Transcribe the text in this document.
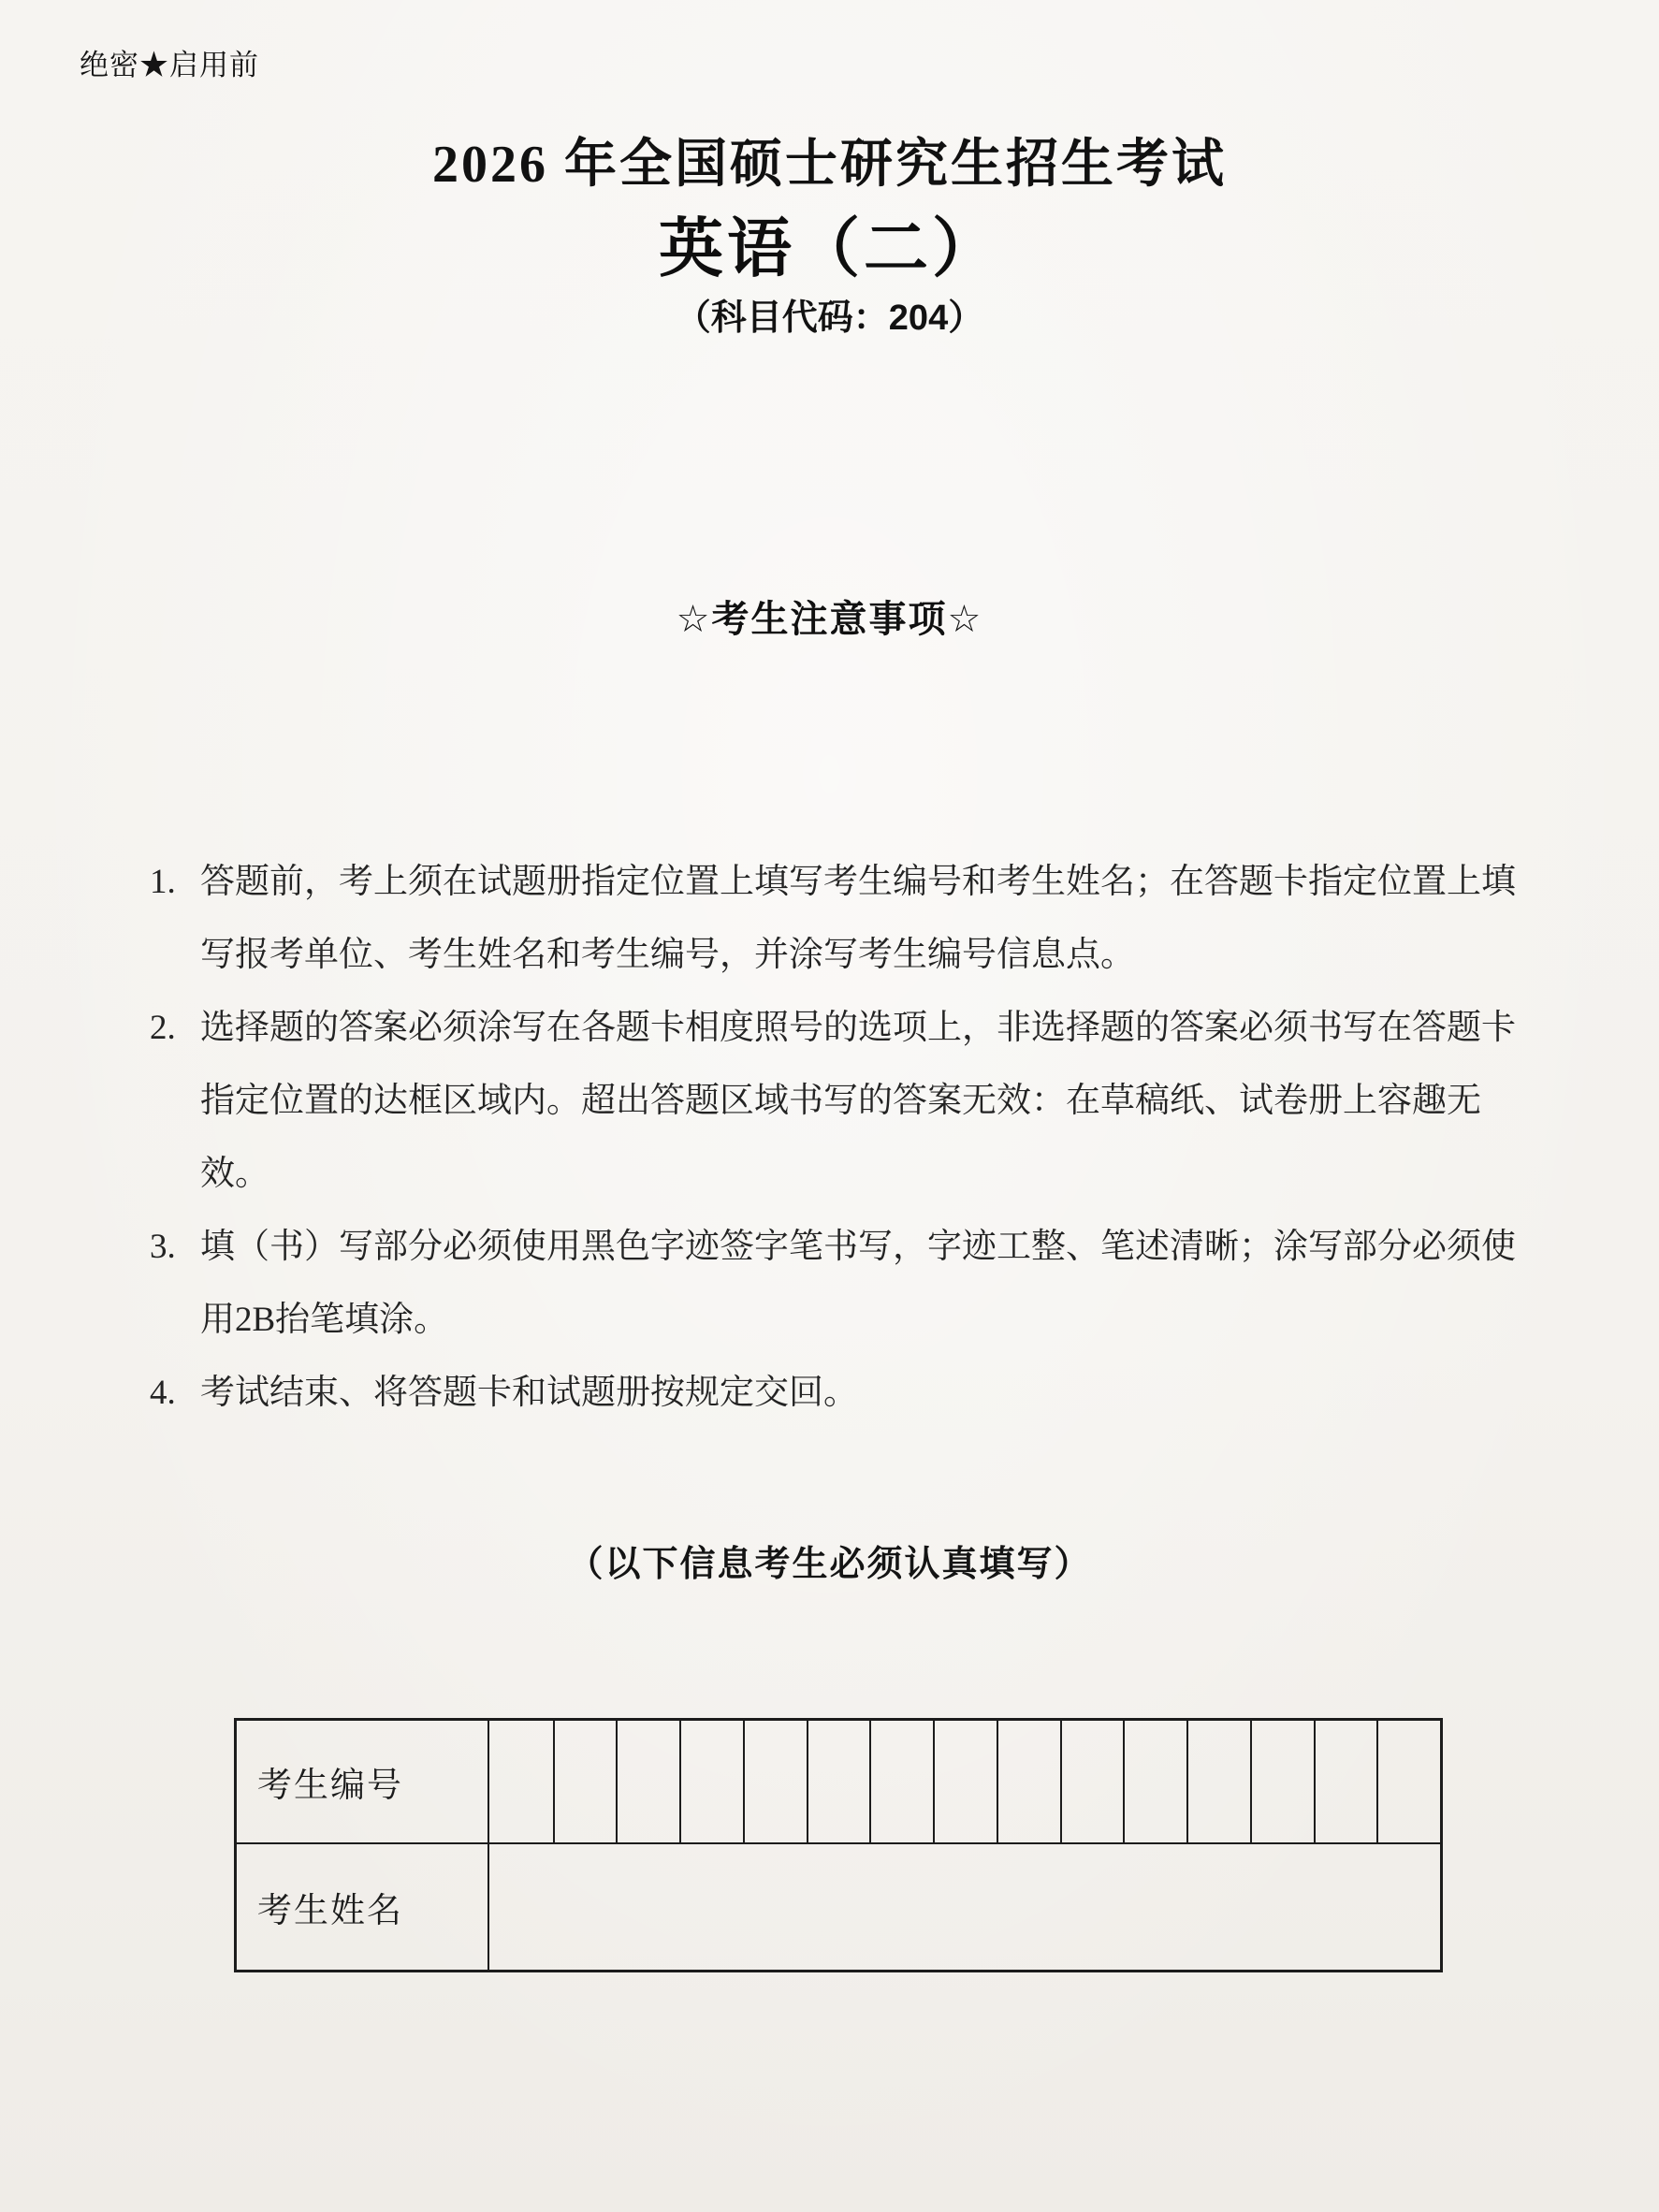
绝密★启用前
2026 年全国硕士研究生招生考试
英语（二）
（科目代码：204）
☆考生注意事项☆

1. 答题前，考上须在试题册指定位置上填写考生编号和考生姓名；在答题卡指定位置上填写报考单位、考生姓名和考生编号，并涂写考生编号信息点。

2. 选择题的答案必须涂写在各题卡相度照号的选项上，非选择题的答案必须书写在答题卡指定位置的达框区域内。超出答题区域书写的答案无效：在草稿纸、试卷册上容趣无效。

3. 填（书）写部分必须使用黑色字迹签字笔书写，字迹工整、笔述清晰；涂写部分必须使用2B抬笔填涂。

4. 考试结束、将答题卡和试题册按规定交回。

（以下信息考生必须认真填写）
考生编号
考生姓名
